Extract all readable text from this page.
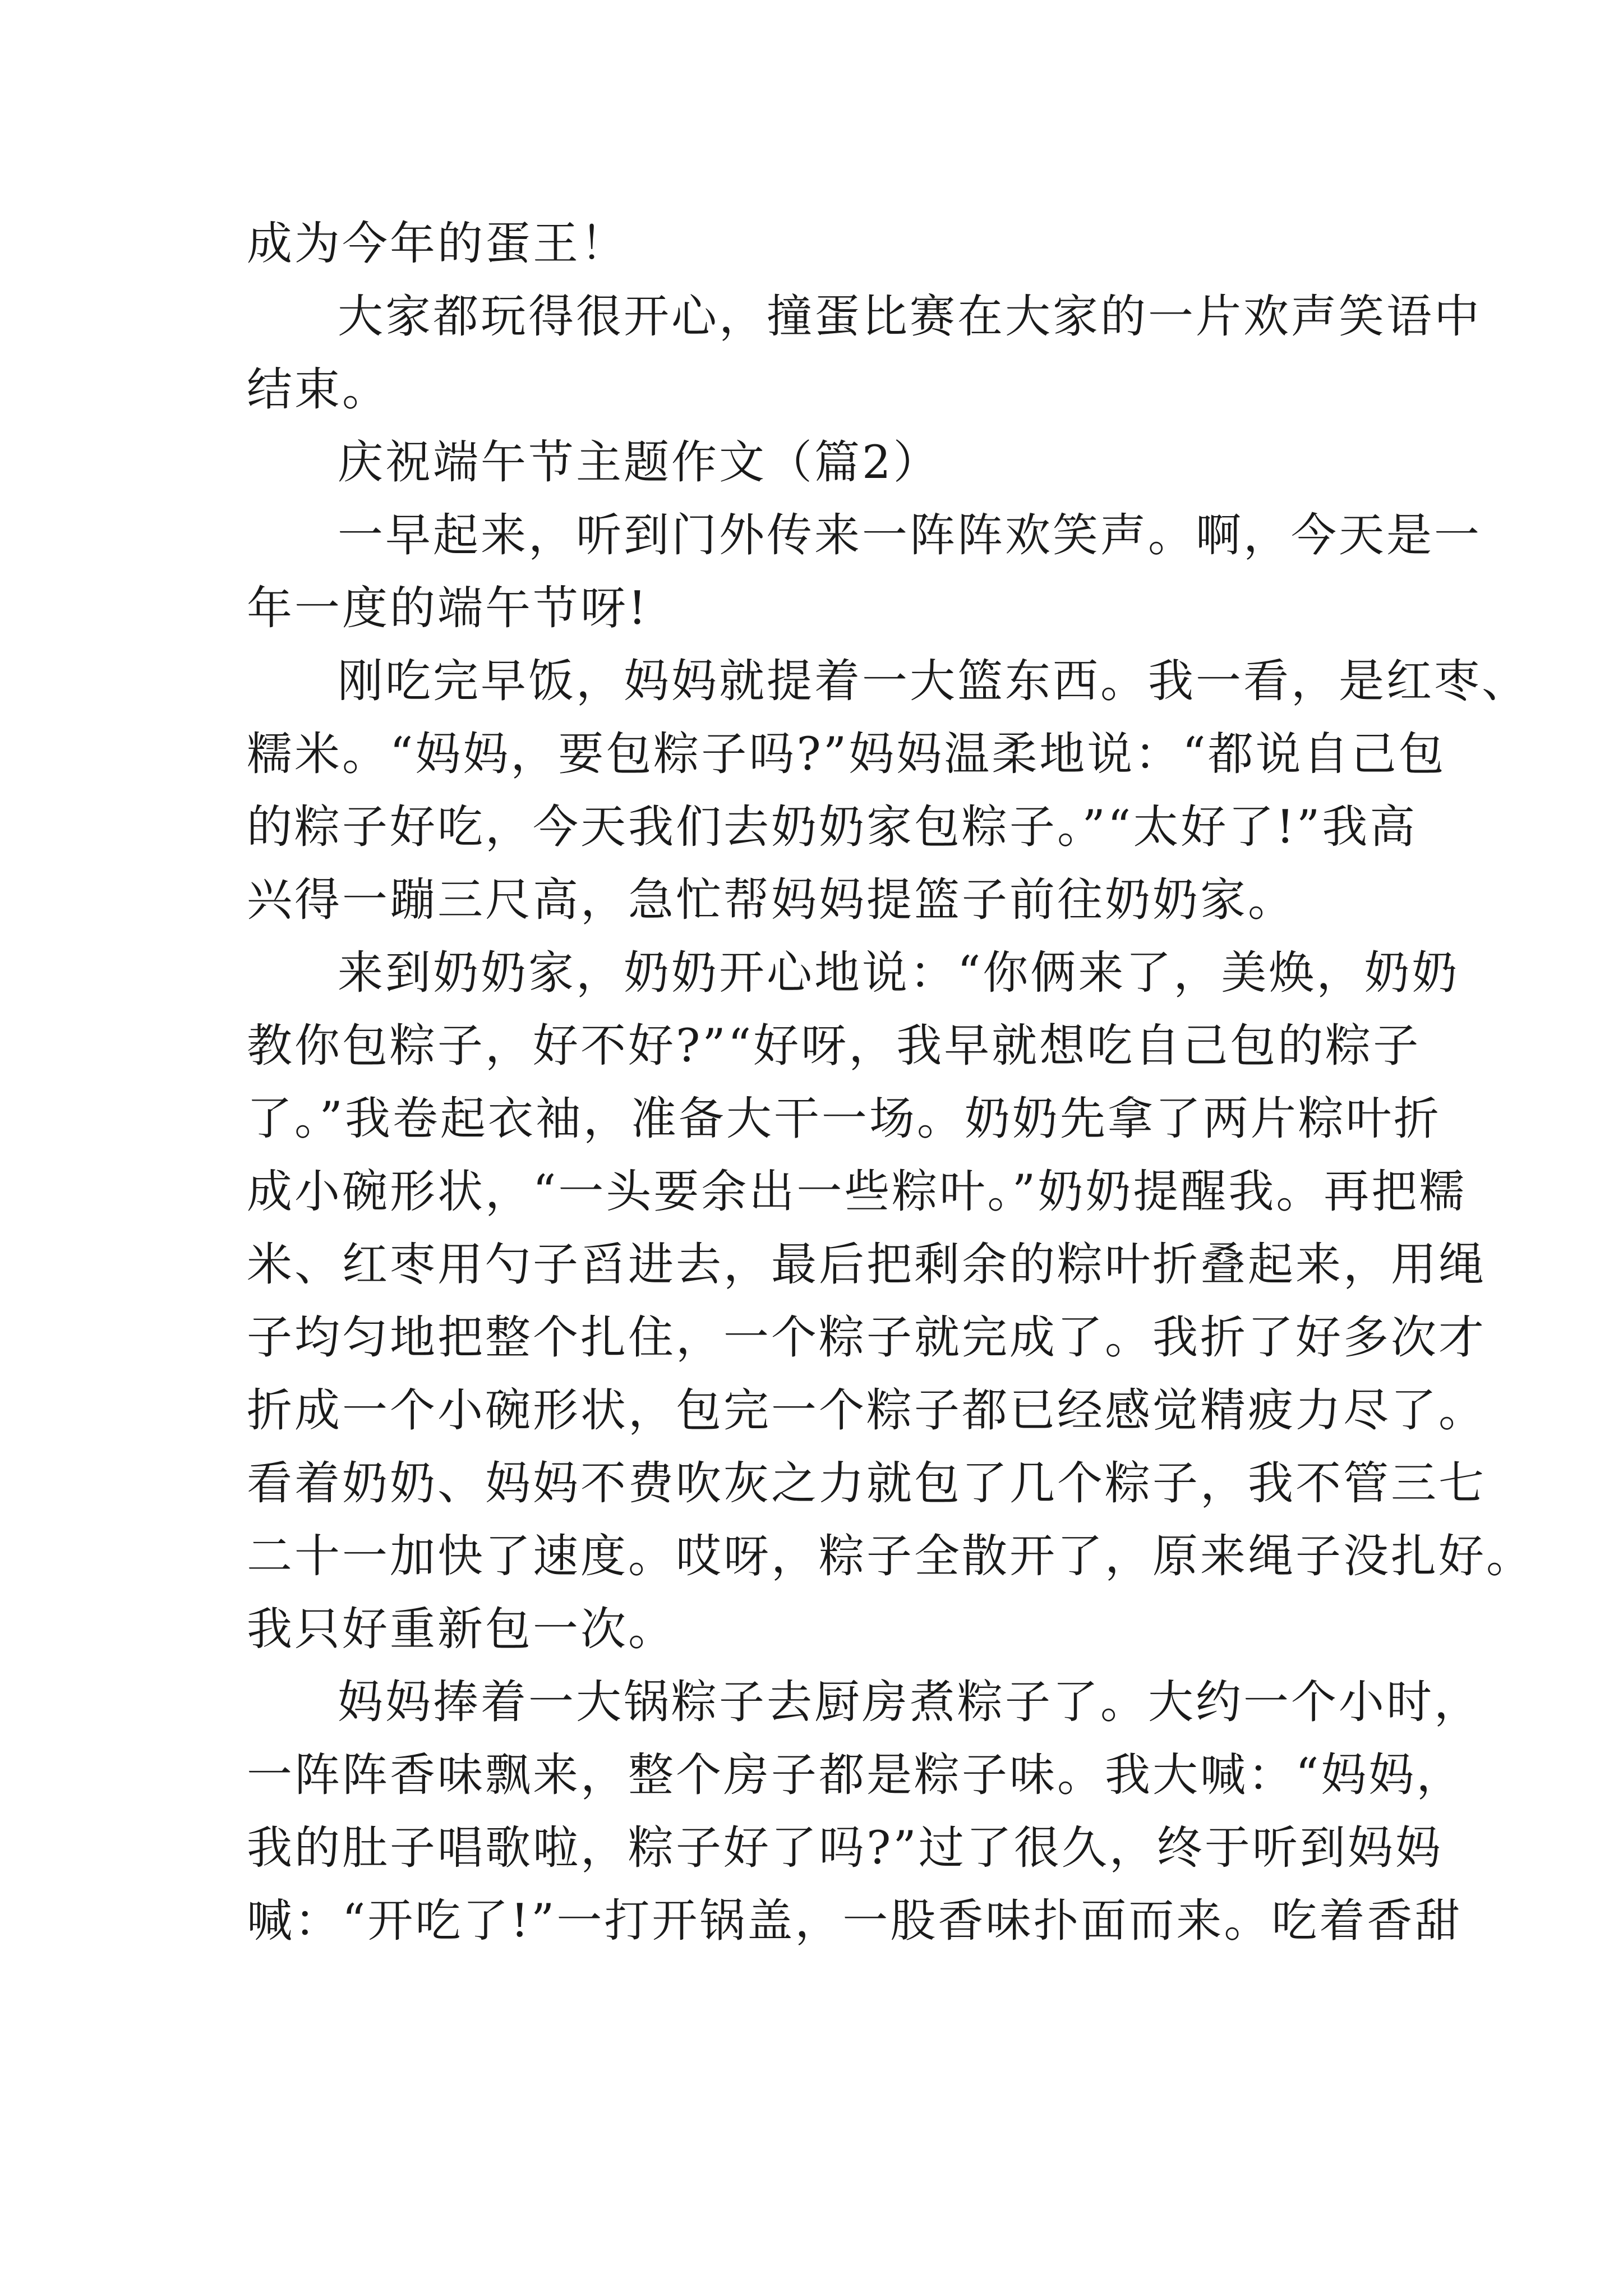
成为今年的蛋王！
大家都玩得很开心，撞蛋比赛在大家的一片欢声笑语中
结束。
庆祝端午节主题作文（篇2）
一早起来，听到门外传来一阵阵欢笑声。啊，今天是一
年一度的端午节呀!
刚吃完早饭，妈妈就提着一大篮东西。我一看，是红枣、
糯米。“妈妈，要包粽子吗?”妈妈温柔地说：“都说自己包
的粽子好吃，今天我们去奶奶家包粽子。”“太好了!”我高
兴得一蹦三尺高，急忙帮妈妈提篮子前往奶奶家。
来到奶奶家，奶奶开心地说：“你俩来了，美焕，奶奶
教你包粽子，好不好?”“好呀，我早就想吃自己包的粽子
了。”我卷起衣袖，准备大干一场。奶奶先拿了两片粽叶折
成小碗形状，“一头要余出一些粽叶。”奶奶提醒我。再把糯
米、红枣用勺子舀进去，最后把剩余的粽叶折叠起来，用绳
子均匀地把整个扎住，一个粽子就完成了。我折了好多次才
折成一个小碗形状，包完一个粽子都已经感觉精疲力尽了。
看着奶奶、妈妈不费吹灰之力就包了几个粽子，我不管三七
二十一加快了速度。哎呀，粽子全散开了，原来绳子没扎好。
我只好重新包一次。
妈妈捧着一大锅粽子去厨房煮粽子了。大约一个小时，
一阵阵香味飘来，整个房子都是粽子味。我大喊：“妈妈，
我的肚子唱歌啦，粽子好了吗?”过了很久，终于听到妈妈
喊：“开吃了!”一打开锅盖，一股香味扑面而来。吃着香甜
